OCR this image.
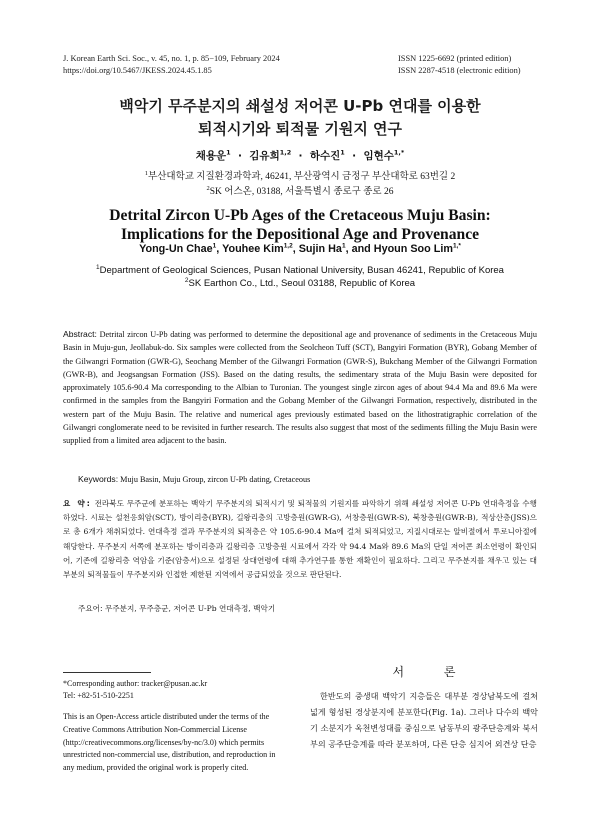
J. Korean Earth Sci. Soc., v. 45, no. 1, p. 85−109, February 2024
https://doi.org/10.5467/JKESS.2024.45.1.85
ISSN 1225-6692 (printed edition)
ISSN 2287-4518 (electronic edition)
백악기 무주분지의 쇄설성 저어콘 U-Pb 연대를 이용한
퇴적시기와 퇴적물 기원지 연구
채용운$^1$ · 김유희$^{1,2}$ · 하수진$^1$ · 임현수$^{1,*}$
$^1$부산대학교 지질환경과학과, 46241, 부산광역시 금정구 부산대학로 63번길 2
$^2$SK 어스온, 03188, 서울특별시 종로구 종로 26
Detrital Zircon U-Pb Ages of the Cretaceous Muju Basin:
Implications for the Depositional Age and Provenance
Yong-Un Chae$^1$, Youhee Kim$^{1,2}$, Sujin Ha$^1$, and Hyoun Soo Lim$^{1,*}$
$^1$Department of Geological Sciences, Pusan National University, Busan 46241, Republic of Korea
$^2$SK Earthon Co., Ltd., Seoul 03188, Republic of Korea
Abstract: Detrital zircon U-Pb dating was performed to determine the depositional age and provenance of sediments in the Cretaceous Muju Basin in Muju-gun, Jeollabuk-do. Six samples were collected from the Seolcheon Tuff (SCT), Bangyiri Formation (BYR), Gobang Member of the Gilwangri Formation (GWR-G), Seochang Member of the Gilwangri Formation (GWR-S), Bukchang Member of the Gilwangri Formation (GWR-B), and Jeogsangsan Formation (JSS). Based on the dating results, the sedimentary strata of the Muju Basin were deposited for approximately 105.6-90.4 Ma corresponding to the Albian to Turonian. The youngest single zircon ages of about 94.4 Ma and 89.6 Ma were confirmed in the samples from the Bangyiri Formation and the Gobang Member of the Gilwangri Formation, respectively, distributed in the western part of the Muju Basin. The relative and numerical ages previously estimated based on the lithostratigraphic correlation of the Gilwangri conglomerate need to be revisited in further research. The results also suggest that most of the sediments filling the Muju Basin were supplied from a limited area adjacent to the basin.
Keywords: Muju Basin, Muju Group, zircon U-Pb dating, Cretaceous
요 약: 전라북도 무주군에 분포하는 백악기 무주분지의 퇴적시기 및 퇴적물의 기원지를 파악하기 위해 쇄설성 저어콘 U-Pb 연대측정을 수행하였다. 시료는 설천응회암(SCT), 방이리층(BYR), 길왕리층의 고방층원(GWR-G), 서창층원(GWR-S), 북창층원(GWR-B), 적상산층(JSS)으로 총 6개가 채취되었다. 연대측정 결과 무주분지의 퇴적층은 약 105.6-90.4 Ma에 걸쳐 퇴적되었고, 지질시대로는 알비절에서 투로니아절에 해당한다. 무주분지 서쪽에 분포하는 방이리층과 길왕리층 고방층원 시료에서 각각 약 94.4 Ma와 89.6 Ma의 단일 저어콘 최소연령이 확인되어, 기존에 길왕리층 역암을 기준(암층서)으로 설정된 상대연령에 대해 추가연구를 통한 재확인이 필요하다. 그리고 무주분지를 채우고 있는 대부분의 퇴적물들이 무주분지와 인접한 제한된 지역에서 공급되었을 것으로 판단된다.
주요어: 무주분지, 무주층군, 저어콘 U-Pb 연대측정, 백악기
*Corresponding author: tracker@pusan.ac.kr
Tel: +82-51-510-2251
This is an Open-Access article distributed under the terms of the Creative Commons Attribution Non-Commercial License (http://creativecommons.org/licenses/by-nc/3.0) which permits unrestricted non-commercial use, distribution, and reproduction in any medium, provided the original work is properly cited.
서 론
한반도의 중생대 백악기 지층들은 대부분 경상남북도에 걸쳐 넓게 형성된 경상분지에 분포한다(Fig. 1a). 그러나 다수의 백악기 소분지가 옥천변성대를 중심으로 남동부의 광주단층계와 북서부의 공주단층계를 따라 분포하며, 다른 단층 심지어 외견상 단층
